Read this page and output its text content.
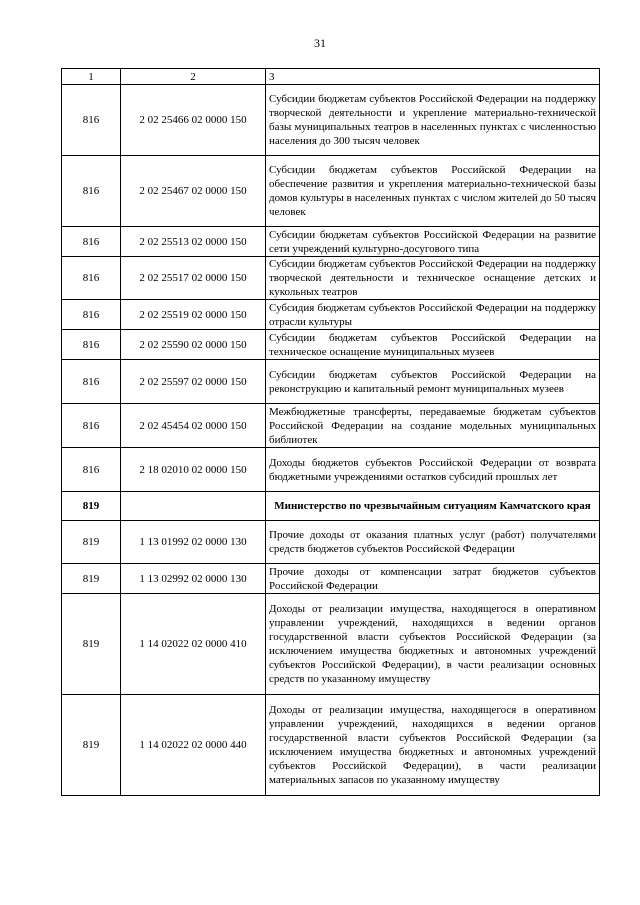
31
1	2	3
816	2 02 25466 02 0000 150	Субсидии бюджетам субъектов Российской Федерации на поддержку творческой деятельности и укрепление материально-технической базы муниципальных театров в населенных пунктах с численностью населения до 300 тысяч человек
816	2 02 25467 02 0000 150	Субсидии бюджетам субъектов Российской Федерации на обеспечение развития и укрепления материально-технической базы домов культуры в населенных пунктах с числом жителей до 50 тысяч человек
816	2 02 25513 02 0000 150	Субсидии бюджетам субъектов Российской Федерации на развитие сети учреждений культурно-досугового типа
816	2 02 25517 02 0000 150	Субсидии бюджетам субъектов Российской Федерации на поддержку творческой деятельности и техническое оснащение детских и кукольных театров
816	2 02 25519 02 0000 150	Субсидия бюджетам субъектов Российской Федерации на поддержку отрасли культуры
816	2 02 25590 02 0000 150	Субсидии бюджетам субъектов Российской Федерации на техническое оснащение муниципальных музеев
816	2 02 25597 02 0000 150	Субсидии бюджетам субъектов Российской Федерации на реконструкцию и капитальный ремонт муниципальных музеев
816	2 02 45454 02 0000 150	Межбюджетные трансферты, передаваемые бюджетам субъектов Российской Федерации на создание модельных муниципальных библиотек
816	2 18 02010 02 0000 150	Доходы бюджетов субъектов Российской Федерации от возврата бюджетными учреждениями остатков субсидий прошлых лет
819		Министерство по чрезвычайным ситуациям Камчатского края
819	1 13 01992 02 0000 130	Прочие доходы от оказания платных услуг (работ) получателями средств бюджетов субъектов Российской Федерации
819	1 13 02992 02 0000 130	Прочие доходы от компенсации затрат бюджетов субъектов Российской Федерации
819	1 14 02022 02 0000 410	Доходы от реализации имущества, находящегося в оперативном управлении учреждений, находящихся в ведении органов государственной власти субъектов Российской Федерации (за исключением имущества бюджетных и автономных учреждений субъектов Российской Федерации), в части реализации основных средств по указанному имуществу
819	1 14 02022 02 0000 440	Доходы от реализации имущества, находящегося в оперативном управлении учреждений, находящихся в ведении органов государственной власти субъектов Российской Федерации (за исключением имущества бюджетных и автономных учреждений субъектов Российской Федерации), в части реализации материальных запасов по указанному имуществу
